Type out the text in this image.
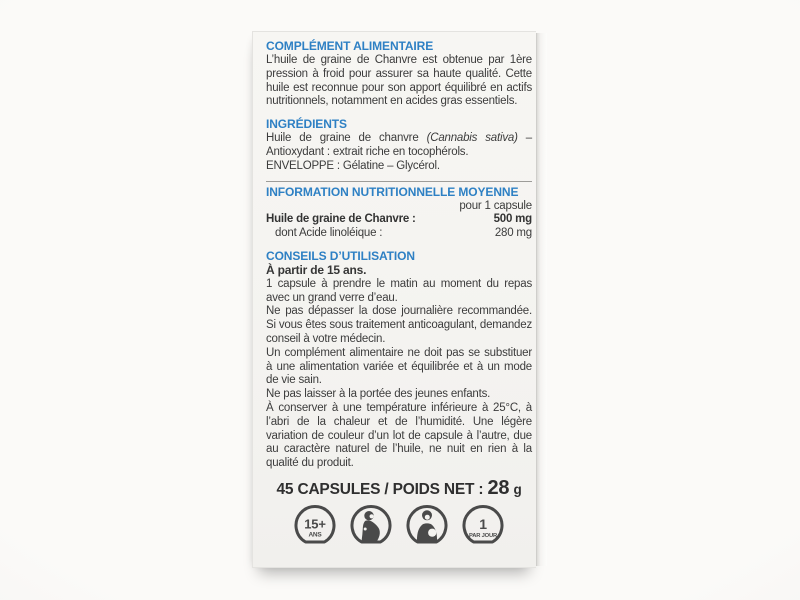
COMPLÉMENT ALIMENTAIRE

L’huile de graine de Chanvre est obtenue par 1ère pression à froid pour assurer sa haute qualité. Cette huile est reconnue pour son apport équilibré en actifs nutritionnels, notamment en acides gras essentiels.

INGRÉDIENTS

Huile de graine de chanvre (Cannabis sativa) – Antioxydant : extrait riche en tocophérols.

ENVELOPPE : Gélatine – Glycérol.

INFORMATION NUTRITIONNELLE MOYENNE

pour 1 capsule

Huile de graine de Chanvre :	500 mg
dont Acide linoléique :	280 mg
CONSEILS D’UTILISATION

À partir de 15 ans.

1 capsule à prendre le matin au moment du repas avec un grand verre d’eau.

Ne pas dépasser la dose journalière recommandée. Si vous êtes sous traitement anticoagulant, demandez conseil à votre médecin.

Un complément alimentaire ne doit pas se substituer à une alimentation variée et équilibrée et à un mode de vie sain.

Ne pas laisser à la portée des jeunes enfants.

À conserver à une température inférieure à 25°C, à l’abri de la chaleur et de l’humidité. Une légère variation de couleur d’un lot de capsule à l’autre, due au caractère naturel de l’huile, ne nuit en rien à la qualité du produit.

45 CAPSULES / POIDS NET : 28 g
15+
ANS
1
PAR JOUR
